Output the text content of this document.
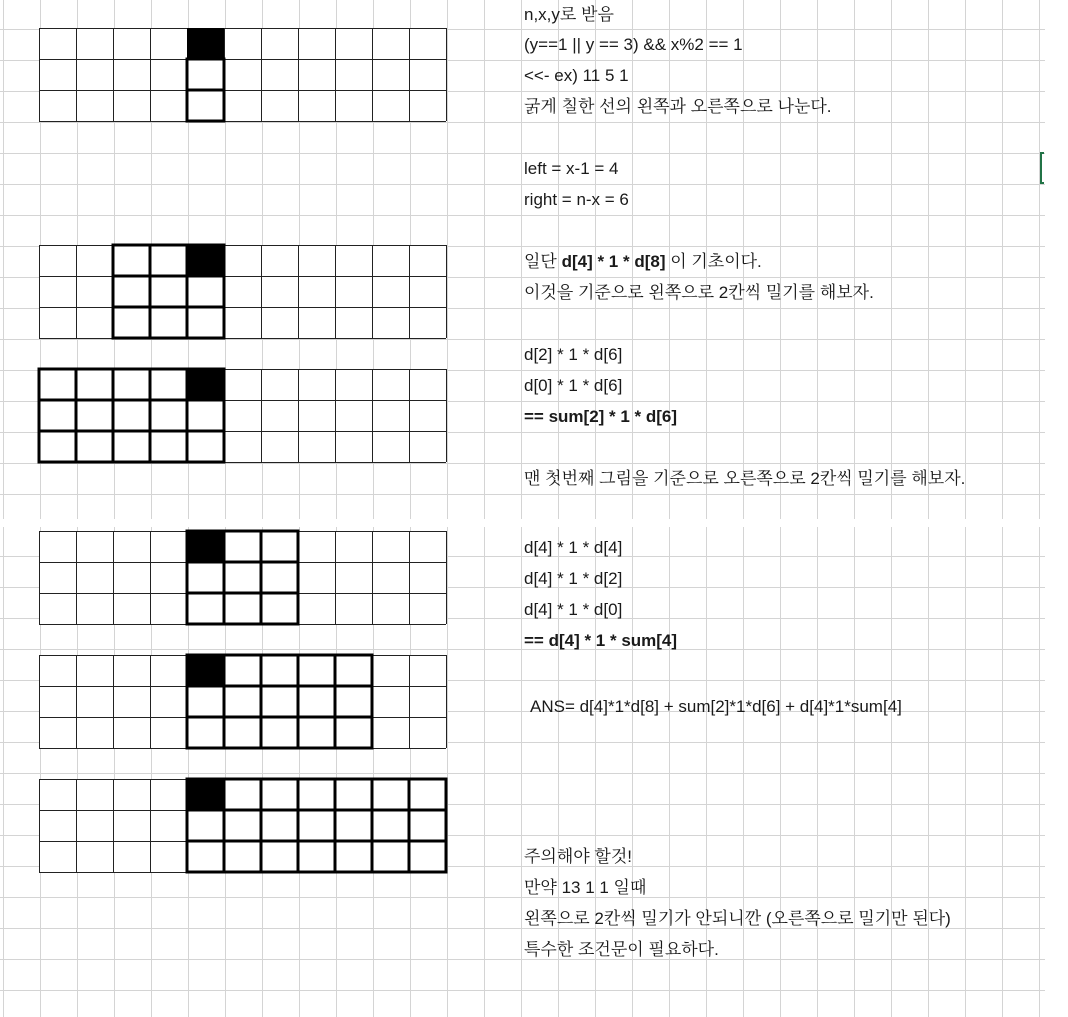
n,x,y로 받음
(y==1 || y == 3) && x%2 == 1
<<- ex) 11 5 1
굵게 칠한 선의 왼쪽과 오른쪽으로 나눈다.
left = x-1 = 4
right = n-x = 6
일단 d[4] * 1 * d[8] 이 기초이다.
이것을 기준으로 왼쪽으로 2칸씩 밀기를 해보자.
d[2] * 1 * d[6]
d[0] * 1 * d[6]
== sum[2] * 1 * d[6]
맨 첫번째 그림을 기준으로 오른쪽으로 2칸씩 밀기를 해보자.
d[4] * 1 * d[4]
d[4] * 1 * d[2]
d[4] * 1 * d[0]
== d[4] * 1 * sum[4]
ANS= d[4]*1*d[8] + sum[2]*1*d[6] + d[4]*1*sum[4]
주의해야 할것!
만약 13 1 1 일때
왼쪽으로 2칸씩 밀기가 안되니깐 (오른쪽으로 밀기만 된다)
특수한 조건문이 필요하다.
